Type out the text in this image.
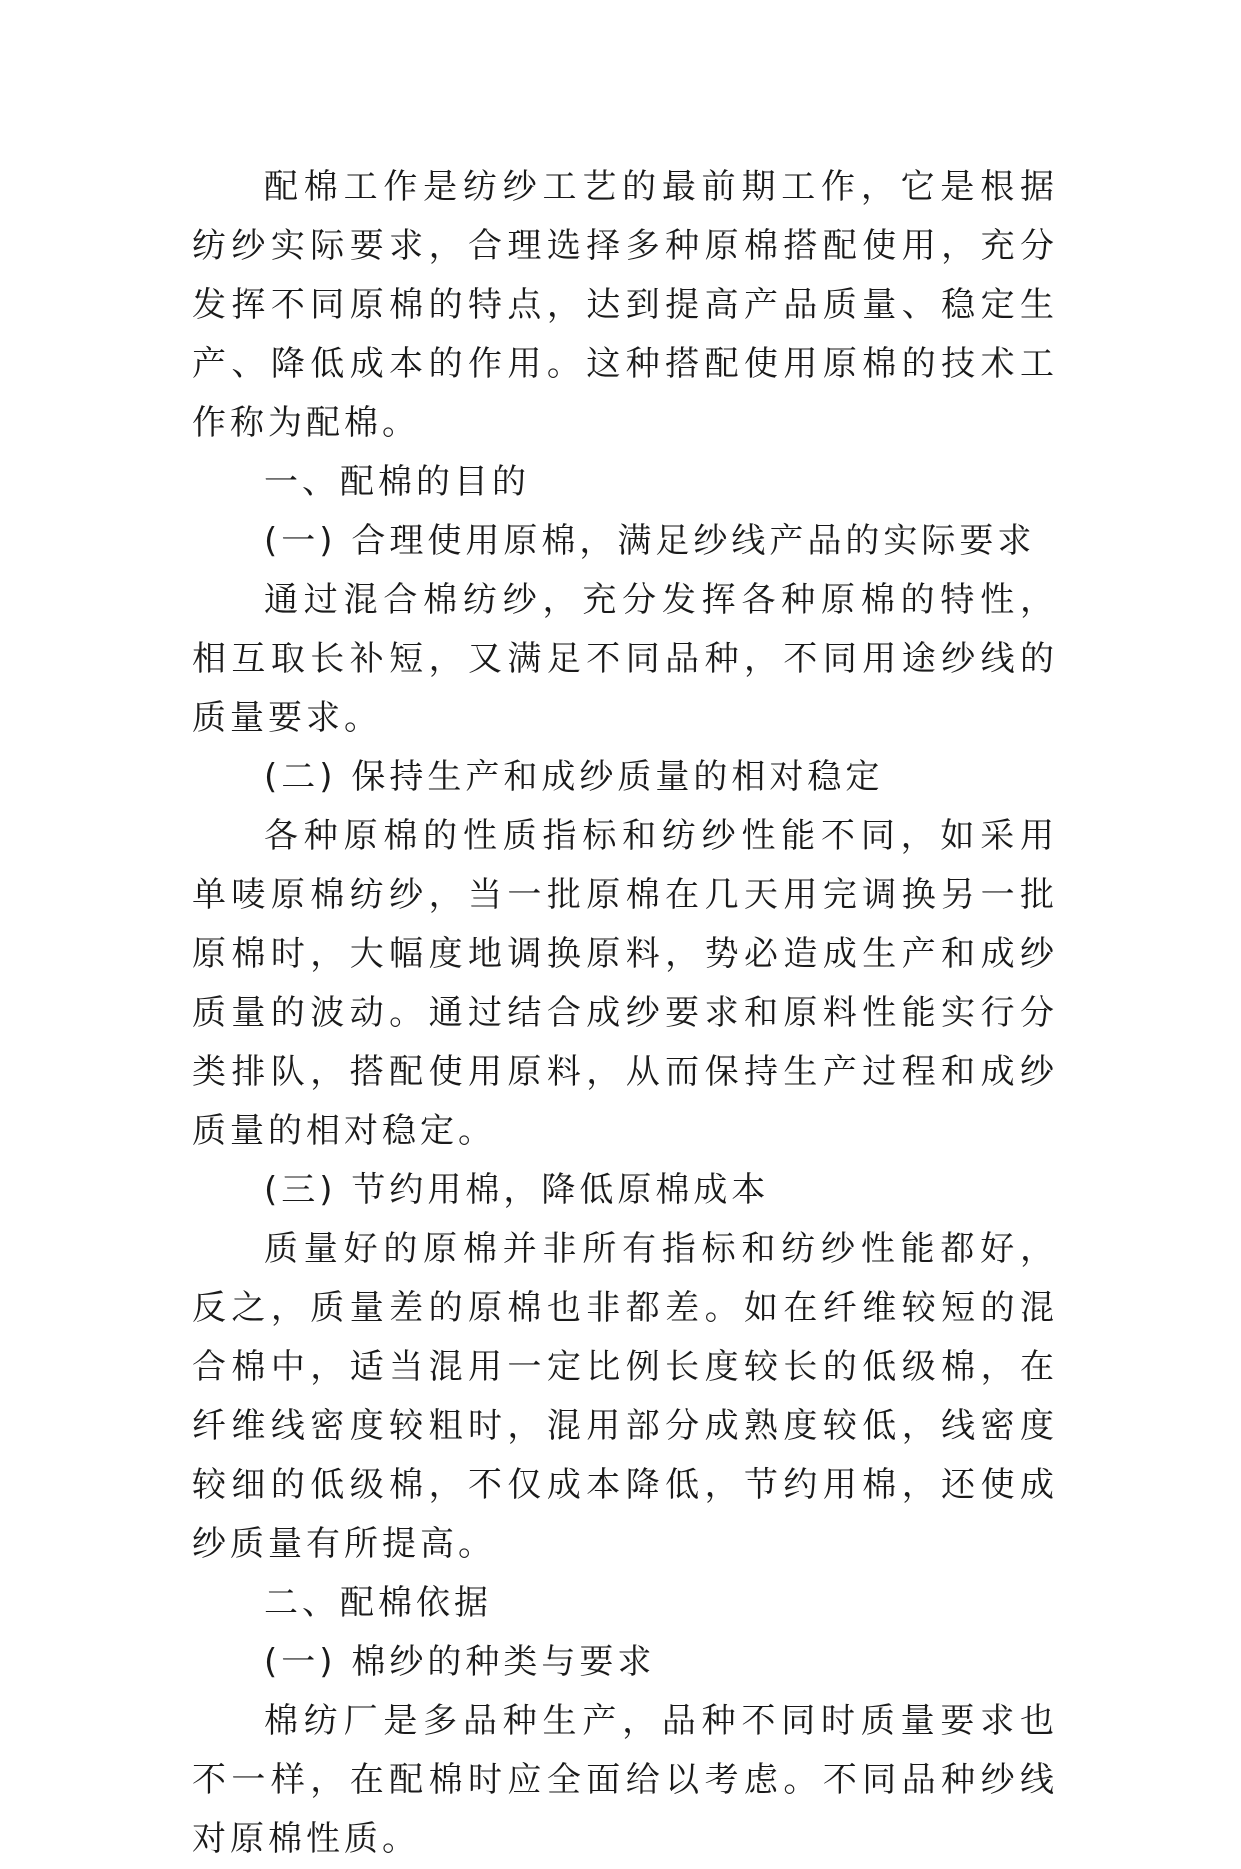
配棉工作是纺纱工艺的最前期工作，它是根据纺纱实际要求，合理选择多种原棉搭配使用，充分发挥不同原棉的特点，达到提高产品质量、稳定生产、降低成本的作用。这种搭配使用原棉的技术工作称为配棉。

一、配棉的目的

(一) 合理使用原棉，满足纱线产品的实际要求

通过混合棉纺纱，充分发挥各种原棉的特性，相互取长补短，又满足不同品种，不同用途纱线的质量要求。

(二) 保持生产和成纱质量的相对稳定

各种原棉的性质指标和纺纱性能不同，如采用单唛原棉纺纱，当一批原棉在几天用完调换另一批原棉时，大幅度地调换原料，势必造成生产和成纱质量的波动。通过结合成纱要求和原料性能实行分类排队，搭配使用原料，从而保持生产过程和成纱质量的相对稳定。

(三) 节约用棉，降低原棉成本

质量好的原棉并非所有指标和纺纱性能都好，反之，质量差的原棉也非都差。如在纤维较短的混合棉中，适当混用一定比例长度较长的低级棉，在纤维线密度较粗时，混用部分成熟度较低，线密度较细的低级棉，不仅成本降低，节约用棉，还使成纱质量有所提高。

二、配棉依据

(一) 棉纱的种类与要求

棉纺厂是多品种生产，品种不同时质量要求也不一样，在配棉时应全面给以考虑。不同品种纱线对原棉性质。
